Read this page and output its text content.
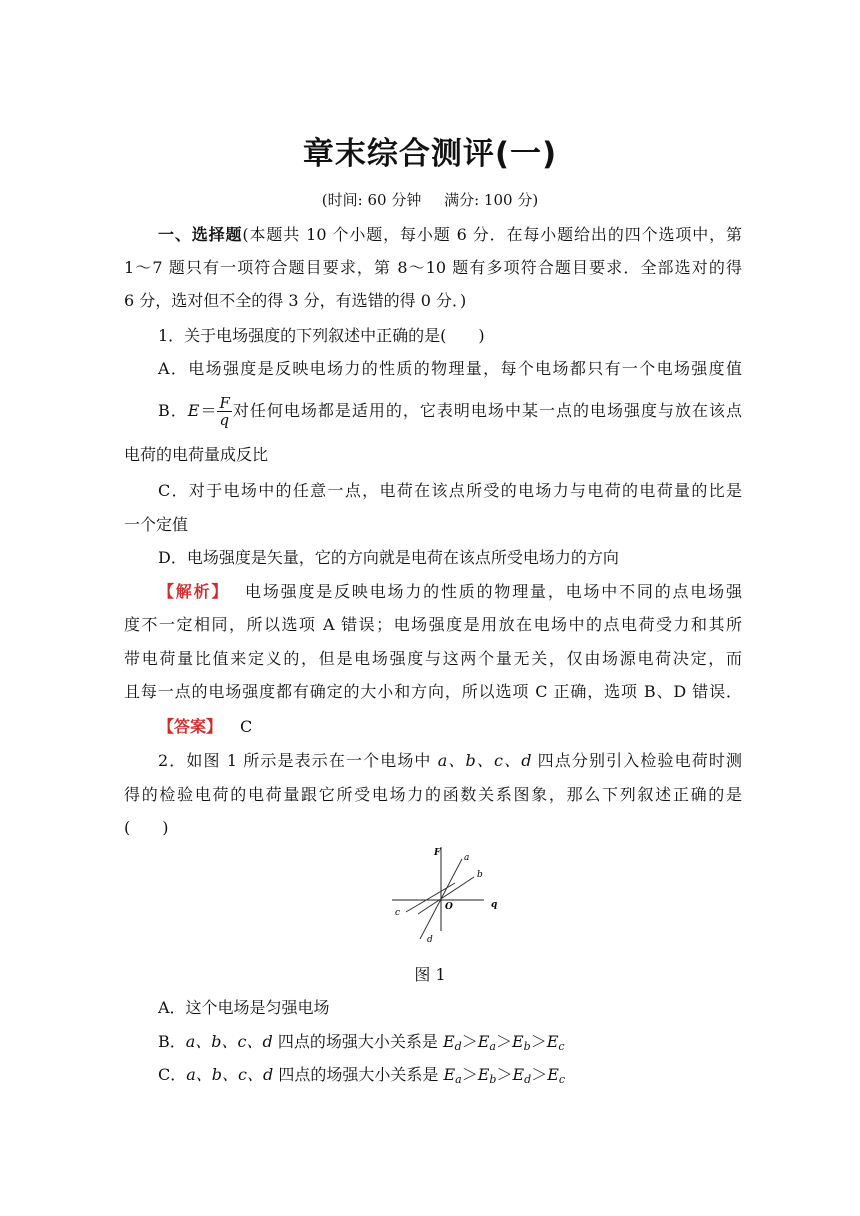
章末综合测评(一)
(时间: 60 分钟 满分: 100 分)
一、选择题(本题共 10 个小题，每小题 6 分．在每小题给出的四个选项中，第
1～7 题只有一项符合题目要求，第 8～10 题有多项符合题目要求．全部选对的得
6 分，选对但不全的得 3 分，有选错的得 0 分．)
1．关于电场强度的下列叙述中正确的是(　　)
A．电场强度是反映电场力的性质的物理量，每个电场都只有一个电场强度值
B．$E= \frac{F}{q}$ 对任何电场都是适用的，它表明电场中某一点的电场强度与放在该点
电荷的电荷量成反比
C．对于电场中的任意一点，电荷在该点所受的电场力与电荷的电荷量的比是
一个定值
D．电场强度是矢量，它的方向就是电荷在该点所受电场力的方向
【解析】 电场强度是反映电场力的性质的物理量，电场中不同的点电场强
度不一定相同，所以选项 A 错误；电场强度是用放在电场中的点电荷受力和其所
带电荷量比值来定义的，但是电场强度与这两个量无关，仅由场源电荷决定，而
且每一点的电场强度都有确定的大小和方向，所以选项 C 正确，选项 B、D 错误．
【答案】 C
2．如图 1 所示是表示在一个电场中 a、b、c、d 四点分别引入检验电荷时测
得的检验电荷的电荷量跟它所受电场力的函数关系图象，那么下列叙述正确的是
(　　)
F	a
b
O	q
c
d
图 1
A．这个电场是匀强电场
B．a、b、c、d 四点的场强大小关系是 $E_d>E_a>E_b>E_c$
C．a、b、c、d 四点的场强大小关系是 $E_a>E_b>E_d>E_c$
